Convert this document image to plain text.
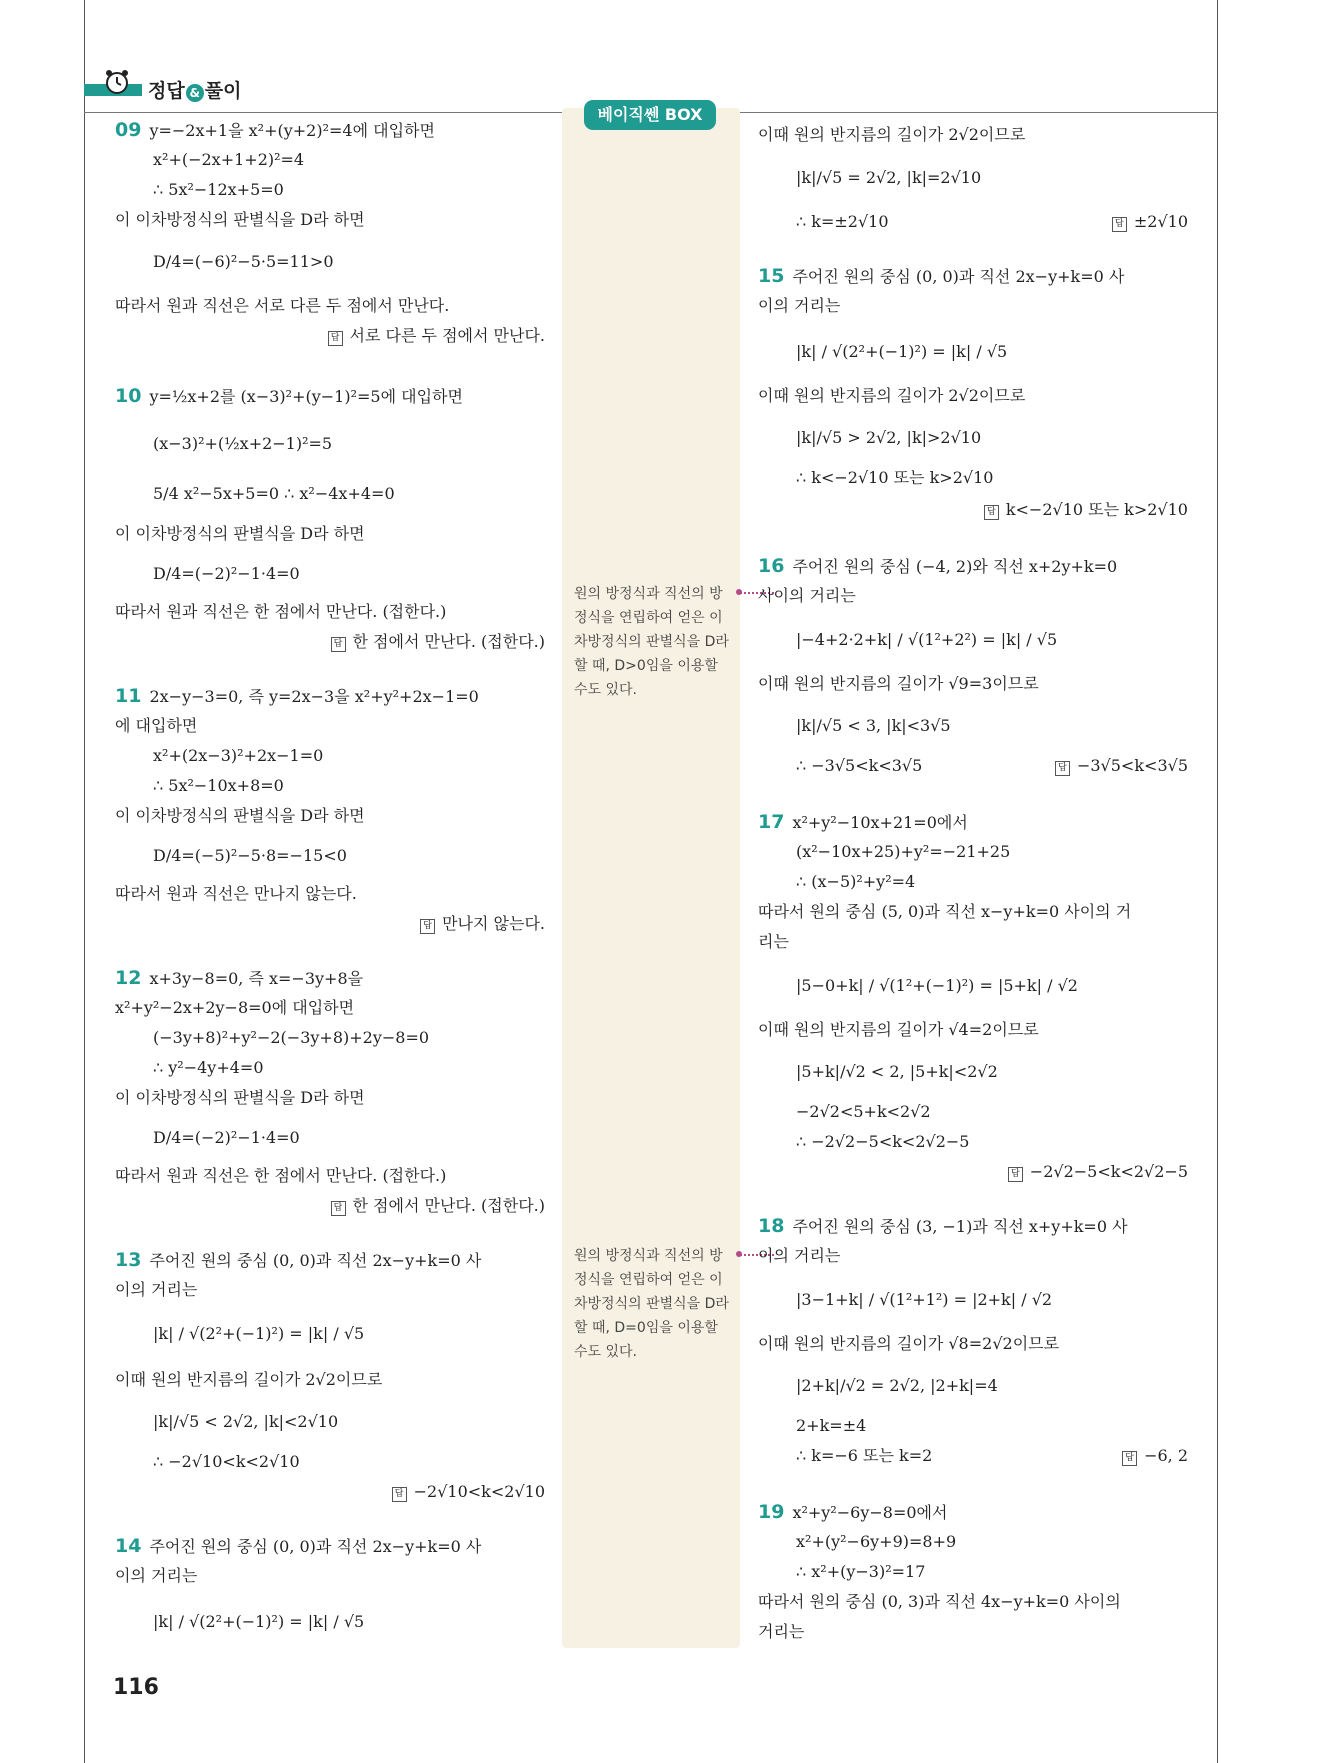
정답 & 풀이
베이직쎈 BOX
원의 방정식과 직선의 방정식을 연립하여 얻은 이차방정식의 판별식을 D라 할 때, D>0임을 이용할 수도 있다.
원의 방정식과 직선의 방정식을 연립하여 얻은 이차방정식의 판별식을 D라 할 때, D=0임을 이용할 수도 있다.
116
09 y=−2x+1을 x²+(y+2)²=4에 대입하면
x²+(−2x+1+2)²=4
∴ 5x²−12x+5=0
이 이차방정식의 판별식을 D라 하면
D/4=(−6)²−5·5=11>0
따라서 원과 직선은 서로 다른 두 점에서 만난다.
답 서로 다른 두 점에서 만난다.
10 y=½x+2를 (x−3)²+(y−1)²=5에 대입하면
(x−3)²+(½x+2−1)²=5
5/4 x²−5x+5=0 ∴ x²−4x+4=0
이 이차방정식의 판별식을 D라 하면
D/4=(−2)²−1·4=0
따라서 원과 직선은 한 점에서 만난다. (접한다.)
답 한 점에서 만난다. (접한다.)
11 2x−y−3=0, 즉 y=2x−3을 x²+y²+2x−1=0
에 대입하면
x²+(2x−3)²+2x−1=0
∴ 5x²−10x+8=0
이 이차방정식의 판별식을 D라 하면
D/4=(−5)²−5·8=−15<0
따라서 원과 직선은 만나지 않는다.
답 만나지 않는다.
12 x+3y−8=0, 즉 x=−3y+8을
x²+y²−2x+2y−8=0에 대입하면
(−3y+8)²+y²−2(−3y+8)+2y−8=0
∴ y²−4y+4=0
이 이차방정식의 판별식을 D라 하면
D/4=(−2)²−1·4=0
따라서 원과 직선은 한 점에서 만난다. (접한다.)
답 한 점에서 만난다. (접한다.)
13 주어진 원의 중심 (0, 0)과 직선 2x−y+k=0 사
이의 거리는
|k| / √(2²+(−1)²) = |k| / √5
이때 원의 반지름의 길이가 2√2이므로
|k|/√5 < 2√2, |k|<2√10
∴ −2√10<k<2√10
답 −2√10<k<2√10
14 주어진 원의 중심 (0, 0)과 직선 2x−y+k=0 사
이의 거리는
|k| / √(2²+(−1)²) = |k| / √5
이때 원의 반지름의 길이가 2√2이므로
|k|/√5 = 2√2, |k|=2√10
∴ k=±2√10	답 ±2√10
15 주어진 원의 중심 (0, 0)과 직선 2x−y+k=0 사
이의 거리는
|k| / √(2²+(−1)²) = |k| / √5
이때 원의 반지름의 길이가 2√2이므로
|k|/√5 > 2√2, |k|>2√10
∴ k<−2√10 또는 k>2√10
답 k<−2√10 또는 k>2√10
16 주어진 원의 중심 (−4, 2)와 직선 x+2y+k=0
사이의 거리는
|−4+2·2+k| / √(1²+2²) = |k| / √5
이때 원의 반지름의 길이가 √9=3이므로
|k|/√5 < 3, |k|<3√5
∴ −3√5<k<3√5	답 −3√5<k<3√5
17 x²+y²−10x+21=0에서
(x²−10x+25)+y²=−21+25
∴ (x−5)²+y²=4
따라서 원의 중심 (5, 0)과 직선 x−y+k=0 사이의 거
리는
|5−0+k| / √(1²+(−1)²) = |5+k| / √2
이때 원의 반지름의 길이가 √4=2이므로
|5+k|/√2 < 2, |5+k|<2√2
−2√2<5+k<2√2
∴ −2√2−5<k<2√2−5
답 −2√2−5<k<2√2−5
18 주어진 원의 중심 (3, −1)과 직선 x+y+k=0 사
이의 거리는
|3−1+k| / √(1²+1²) = |2+k| / √2
이때 원의 반지름의 길이가 √8=2√2이므로
|2+k|/√2 = 2√2, |2+k|=4
2+k=±4
∴ k=−6 또는 k=2	답 −6, 2
19 x²+y²−6y−8=0에서
x²+(y²−6y+9)=8+9
∴ x²+(y−3)²=17
따라서 원의 중심 (0, 3)과 직선 4x−y+k=0 사이의
거리는
